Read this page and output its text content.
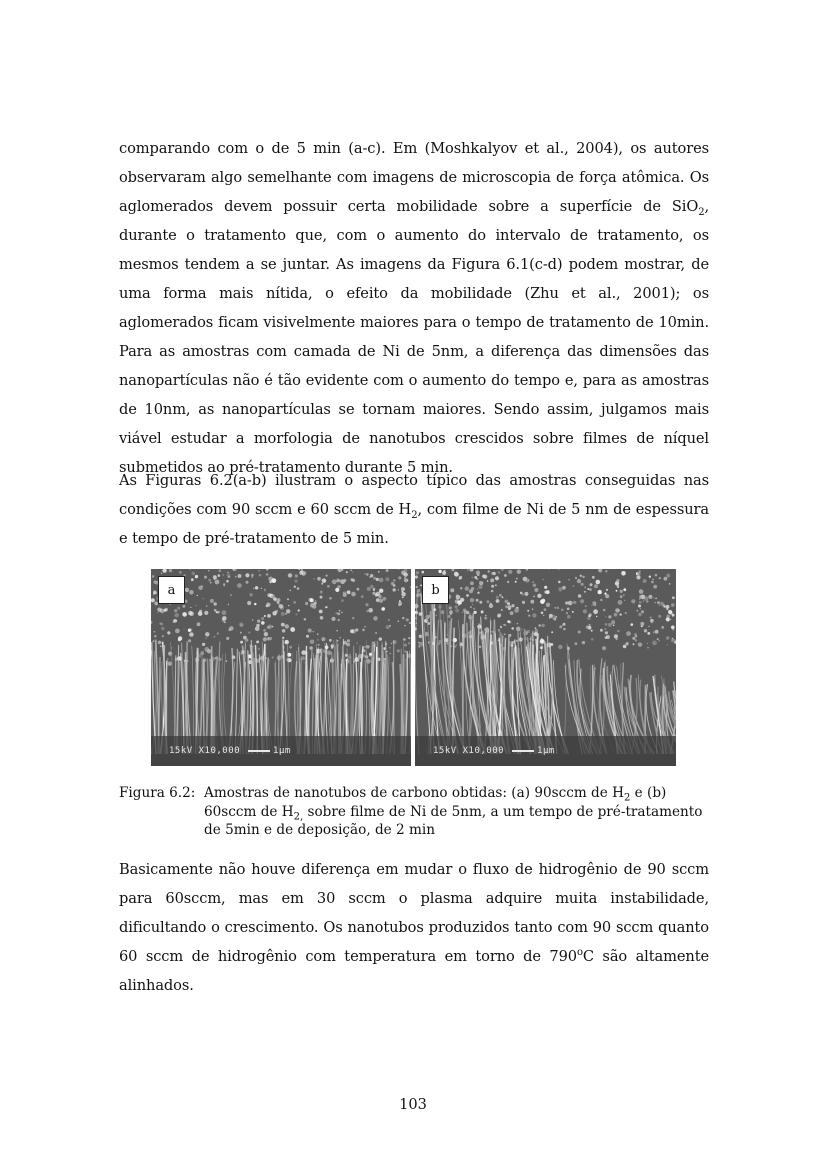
comparando com o de 5 min (a-c). Em (Moshkalyov et al., 2004), os autores observaram algo semelhante com imagens de microscopia de força atômica. Os aglomerados devem possuir certa mobilidade sobre a superfície de SiO$_2$, durante o tratamento que, com o aumento do intervalo de tratamento, os mesmos tendem a se juntar. As imagens da Figura 6.1(c-d) podem mostrar, de uma forma mais nítida, o efeito da mobilidade (Zhu et al., 2001); os aglomerados ficam visivelmente maiores para o tempo de tratamento de 10min. Para as amostras com camada de Ni de 5nm, a diferença das dimensões das nanopartículas não é tão evidente com o aumento do tempo e, para as amostras de 10nm, as nanopartículas se tornam maiores. Sendo assim, julgamos mais viável estudar a morfologia de nanotubos crescidos sobre filmes de níquel submetidos ao pré-tratamento durante 5 min.

As Figuras 6.2(a-b) ilustram o aspecto típico das amostras conseguidas nas condições com 90 sccm e 60 sccm de $H_2$, com filme de Ni de 5 nm de espessura e tempo de pré-tratamento de 5 min.

a
15kV X10,000	1µm
b
15kV X10,000	1µm
Figura 6.2: Amostras de nanotubos de carbono obtidas: (a) 90sccm de $H_2$ e (b) 60sccm de $H_{2,}$ sobre filme de Ni de 5nm, a um tempo de pré-tratamento de 5min e de deposição, de 2 min

Basicamente não houve diferença em mudar o fluxo de hidrogênio de 90 sccm para 60sccm, mas em 30 sccm o plasma adquire muita instabilidade, dificultando o crescimento. Os nanotubos produzidos tanto com 90 sccm quanto 60 sccm de hidrogênio com temperatura em torno de 790$^o$C são altamente alinhados.

103
